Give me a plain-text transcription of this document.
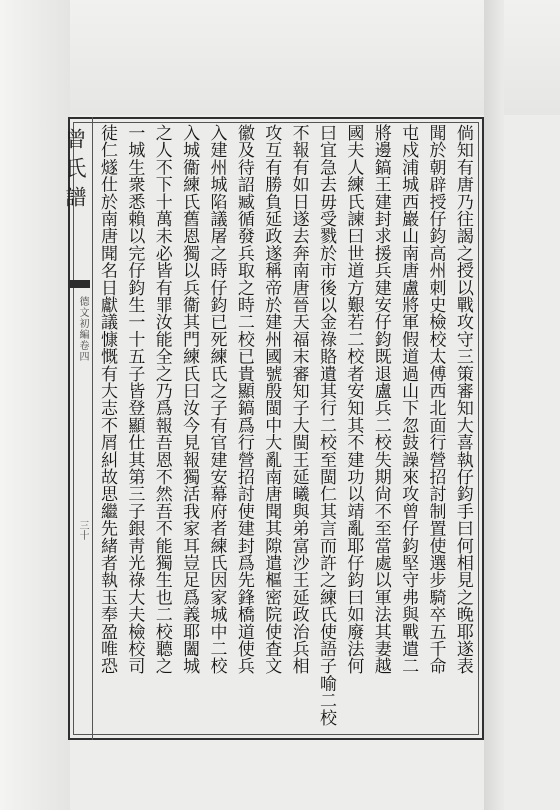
曾氏譜
德文初編卷四
三十	倘知有唐乃往謁之授以戰攻守三策審知大喜執仔鈞手曰何相見之晚耶遂表
聞於朝辟授仔鈞高州刺史檢校太傅西北面行營招討制置使選步騎卒五千命
屯戍浦城西巖山南唐盧將軍假道過山下忽鼓譟來攻曾仔鈞堅守弗與戰遣二
將邊鎬王建封求援兵建安仔鈞既退盧兵二校失期尙不至當處以軍法其妻越
國夫人練氏諫曰世道方艱若二校者安知其不建功以靖亂耶仔鈞曰如廢法何
曰宜急去毋受戮於市後以金祿賂遺其行二校至閩仁其言而許之練氏使語子喻二校
不報有如日遂去奔南唐晉天福末審知子大閩王延曦與弟富沙王延政治兵相
攻互有勝負延政遂稱帝於建州國號殷閩中大亂南唐聞其隙遣樞密院使査文
徽及待詔臧循發兵取之時二校已貴顯鎬爲行營招討使建封爲先鋒橋道使兵
入建州城陷議屠之時仔鈞已死練氏之子有官建安幕府者練氏因家城中二校
入城衞練氏舊恩獨以兵衞其門練氏曰汝今見報獨活我家耳豈足爲義耶闔城
之人不下十萬未必皆有罪汝能全之乃爲報吾恩不然吾不能獨生也二校聽之
一城生衆悉賴以完仔鈞生一十五子皆登顯仕其第三子銀靑光祿大夫檢校司
徒仁燧仕於南唐聞名日獻議慷慨有大志不屑糾故思繼先緒者執玉奉盈唯恐
